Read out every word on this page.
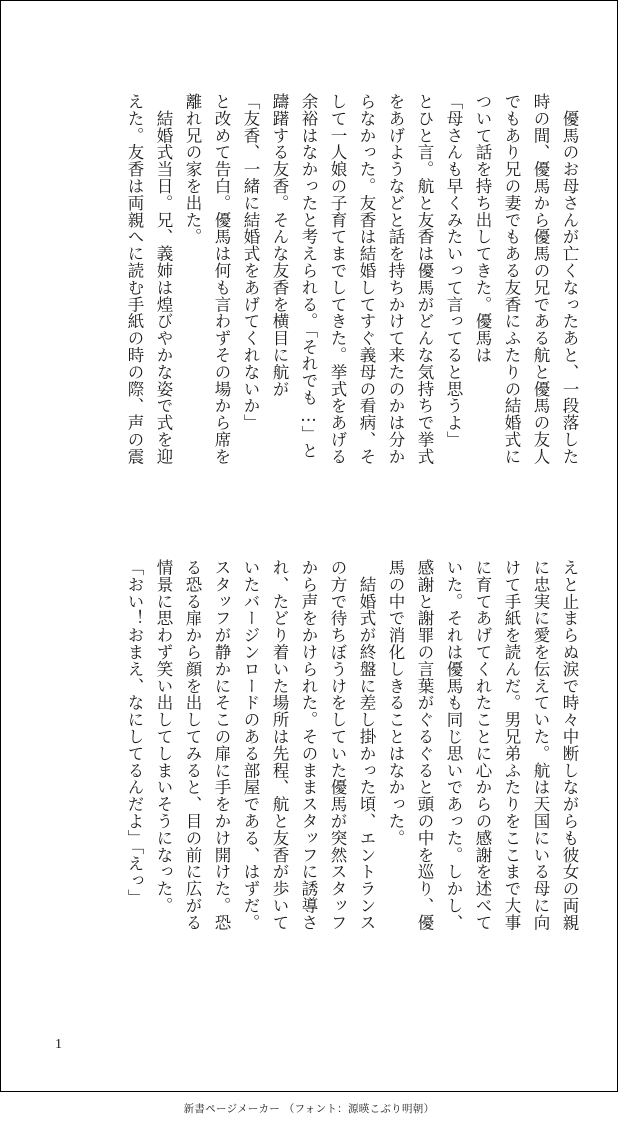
　優馬のお母さんが亡くなったあと、一段落した
時の間、優馬から優馬の兄である航と優馬の友人
でもあり兄の妻でもある友香にふたりの結婚式に
ついて話を持ち出してきた。優馬は
「母さんも早くみたいって言ってると思うよ」
とひと言。航と友香は優馬がどんな気持ちで挙式
をあげようなどと話を持ちかけて来たのかは分か
らなかった。友香は結婚してすぐ義母の看病、そ
して一人娘の子育てまでしてきた。挙式をあげる
余裕はなかったと考えられる。「それでも…」と
躊躇する友香。そんな友香を横目に航が
「友香、一緒に結婚式をあげてくれないか」
と改めて告白。優馬は何も言わずその場から席を
離れ兄の家を出た。
　結婚式当日。兄、義姉は煌びやかな姿で式を迎
えた。友香は両親へに読む手紙の時の際、声の震
えと止まらぬ涙で時々中断しながらも彼女の両親
に忠実に愛を伝えていた。航は天国にいる母に向
けて手紙を読んだ。男兄弟ふたりをここまで大事
に育てあげてくれたことに心からの感謝を述べて
いた。それは優馬も同じ思いであった。しかし、
感謝と謝罪の言葉がぐるぐると頭の中を巡り、優
馬の中で消化しきることはなかった。
　結婚式が終盤に差し掛かった頃、エントランス
の方で待ちぼうけをしていた優馬が突然スタッフ
から声をかけられた。そのままスタッフに誘導さ
れ、たどり着いた場所は先程、航と友香が歩いて
いたバージンロードのある部屋である、はずだ。
スタッフが静かにそこの扉に手をかけ開けた。恐
る恐る扉から顔を出してみると、目の前に広がる
情景に思わず笑い出してしまいそうになった。
「おい！おまえ、なにしてるんだよ」「えっ」
1
新書ページメーカー （フォント：源暎こぶり明朝）
